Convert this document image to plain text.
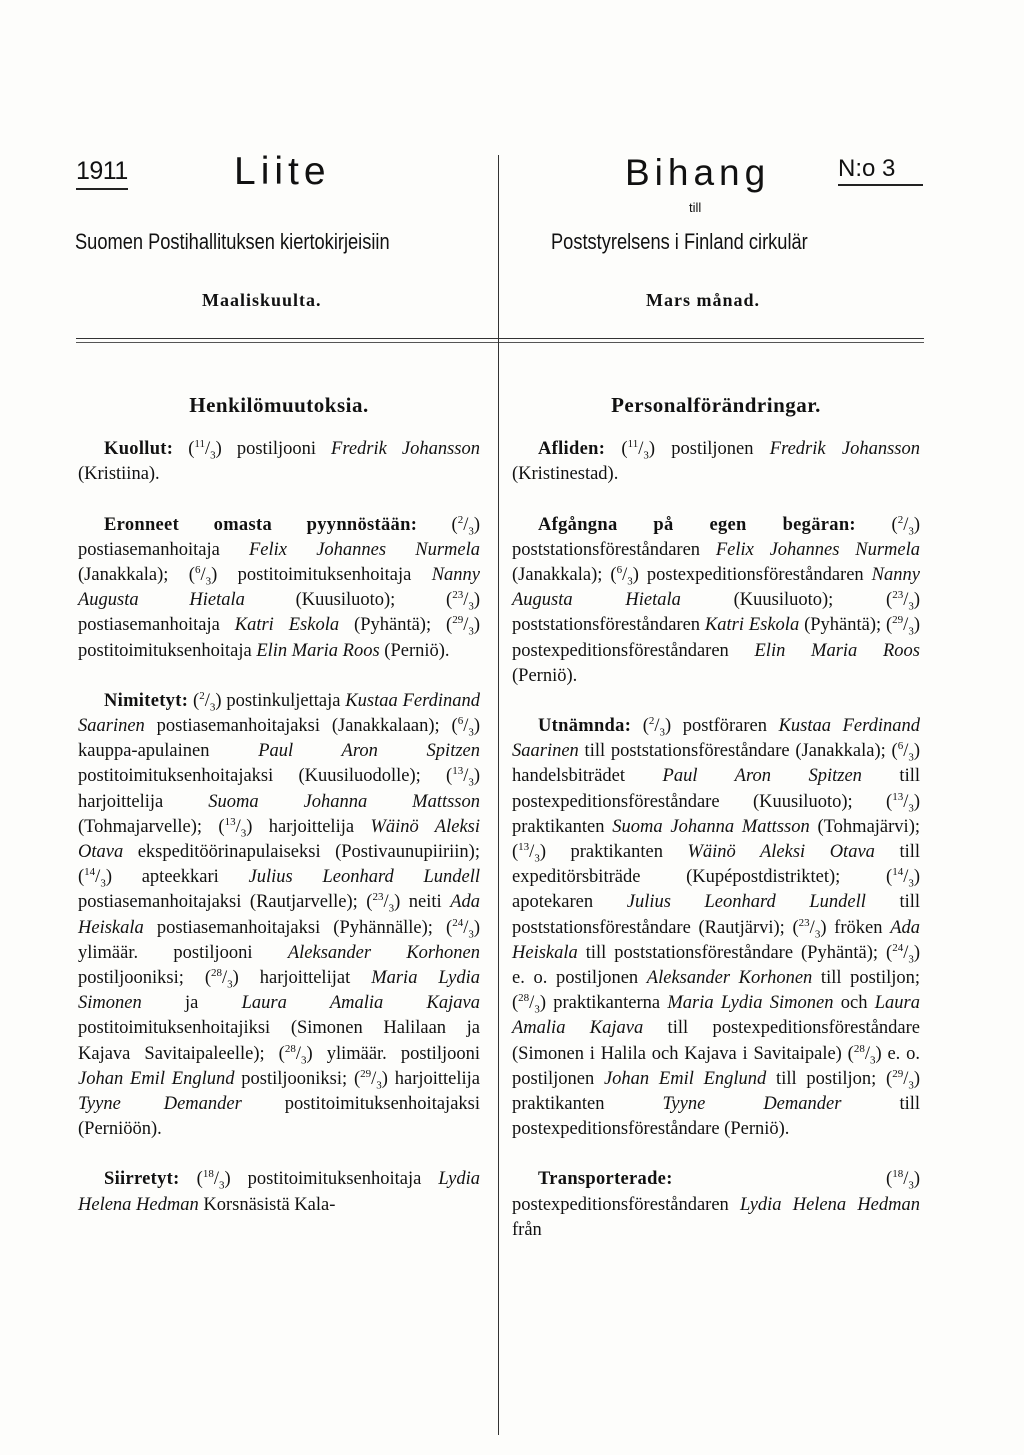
1911	Liite	Bihang	N:o 3
till
Suomen Postihallituksen kiertokirjeisiin	Poststyrelsens i Finland cirkulär
Maaliskuulta.	Mars månad.
Henkilömuutoksia.

Kuollut: $(^{11}/_3)$ postiljooni Fredrik Johansson (Kristiina).

Eronneet omasta pyynnöstään: $(^2/_3)$ postiasemanhoitaja Felix Johannes Nurmela (Janakkala); $(^6/_3)$ postitoimituksenhoitaja Nanny Augusta Hietala (Kuusiluoto); $(^{23}/_3)$ postiasemanhoitaja Katri Eskola (Pyhäntä); $(^{29}/_3)$ postitoimituksenhoitaja Elin Maria Roos (Perniö).

Nimitetyt: $(^2/_3)$ postinkuljettaja Kustaa Ferdinand Saarinen postiasemanhoitajaksi (Janakkalaan); $(^6/_3)$ kauppa-apulainen Paul Aron Spitzen postitoimituksenhoitajaksi (Kuusiluodolle); $(^{13}/_3)$ harjoittelija Suoma Johanna Mattsson (Tohmajarvelle); $(^{13}/_3)$ harjoittelija Wäinö Aleksi Otava ekspeditöörinapulaiseksi (Postivaunupiiriin); $(^{14}/_3)$ apteekkari Julius Leonhard Lundell postiasemanhoitajaksi (Rautjarvelle); $(^{23}/_3)$ neiti Ada Heiskala postiasemanhoitajaksi (Pyhännälle); $(^{24}/_3)$ ylimäär. postiljooni Aleksander Korhonen postiljooniksi; $(^{28}/_3)$ harjoittelijat Maria Lydia Simonen ja Laura Amalia Kajava postitoimituksenhoitajiksi (Simonen Halilaan ja Kajava Savitaipaleelle); $(^{28}/_3)$ ylimäär. postiljooni Johan Emil Englund postiljooniksi; $(^{29}/_3)$ harjoittelija Tyyne Demander postitoimituksenhoitajaksi (Perniöön).

Siirretyt: $(^{18}/_3)$ postitoimituksenhoitaja Lydia Helena Hedman Korsnäsistä Kala-

Personalförändringar.

Afliden: $(^{11}/_3)$ postiljonen Fredrik Johansson (Kristinestad).

Afgångna på egen begäran: $(^2/_3)$ poststationsföreståndaren Felix Johannes Nurmela (Janakkala); $(^6/_3)$ postexpeditionsföreståndaren Nanny Augusta Hietala (Kuusiluoto); $(^{23}/_3)$ poststationsföreståndaren Katri Eskola (Pyhäntä); $(^{29}/_3)$ postexpeditionsföreståndaren Elin Maria Roos (Perniö).

Utnämnda: $(^2/_3)$ postföraren Kustaa Ferdinand Saarinen till poststationsföreståndare (Janakkala); $(^6/_3)$ handelsbiträdet Paul Aron Spitzen till postexpeditionsföreståndare (Kuusiluoto); $(^{13}/_3)$ praktikanten Suoma Johanna Mattsson (Tohmajärvi); $(^{13}/_3)$ praktikanten Wäinö Aleksi Otava till expeditörsbiträde (Kupépostdistriktet); $(^{14}/_3)$ apotekaren Julius Leonhard Lundell till poststationsföreståndare (Rautjärvi); $(^{23}/_3)$ fröken Ada Heiskala till poststationsföreståndare (Pyhäntä); $(^{24}/_3)$ e. o. postiljonen Aleksander Korhonen till postiljon; $(^{28}/_3)$ praktikanterna Maria Lydia Simonen och Laura Amalia Kajava till postexpeditionsföreståndare (Simonen i Halila och Kajava i Savitaipale) $(^{28}/_3)$ e. o. postiljonen Johan Emil Englund till postiljon; $(^{29}/_3)$ praktikanten Tyyne Demander till postexpeditionsföreståndare (Perniö).

Transporterade: $(^{18}/_3)$ postexpeditionsföreståndaren Lydia Helena Hedman från
